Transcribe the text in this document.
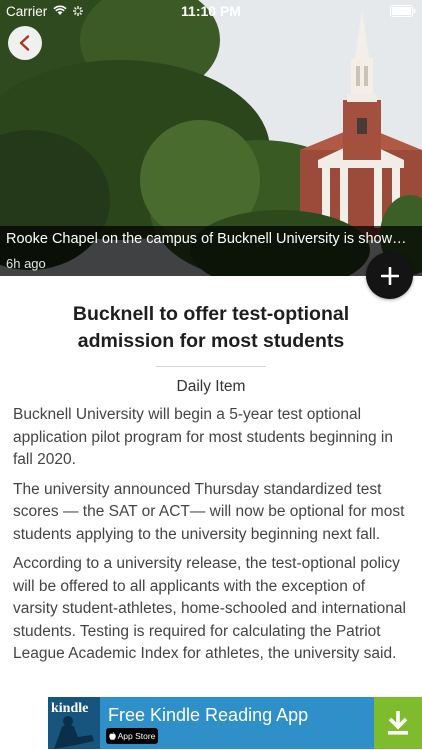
Carrier	11:10 PM
Rooke Chapel on the campus of Bucknell University is show…
6h ago
Bucknell to offer test-optional admission for most students
Daily Item

Bucknell University will begin a 5-year test optional application pilot program for most students beginning in fall 2020.

The university announced Thursday standardized test scores — the SAT or ACT— will now be optional for most students applying to the university beginning next fall.

According to a university release, the test-optional policy will be offered to all applicants with the exception of varsity student-athletes, home-schooled and international students. Testing is required for calculating the Patriot League Academic Index for athletes, the university said.

kindle Free Kindle Reading App
App Store
